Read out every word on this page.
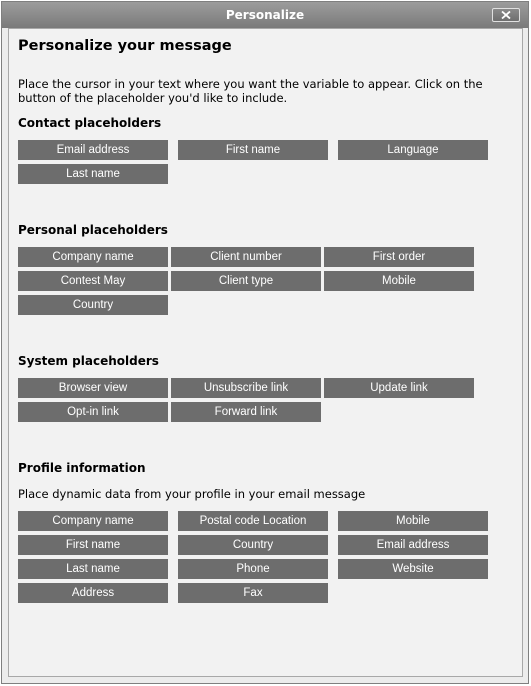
Personalize
Personalize your message
Place the cursor in your text where you want the variable to appear. Click on the
button of the placeholder you'd like to include.
Contact placeholders
Email address	First name	Language
Last name
Personal placeholders
Company name	Client number	First order
Contest May	Client type	Mobile
Country
System placeholders
Browser view	Unsubscribe link	Update link
Opt-in link	Forward link
Profile information
Place dynamic data from your profile in your email message
Company name	Postal code Location	Mobile
First name	Country	Email address
Last name	Phone	Website
Address	Fax
